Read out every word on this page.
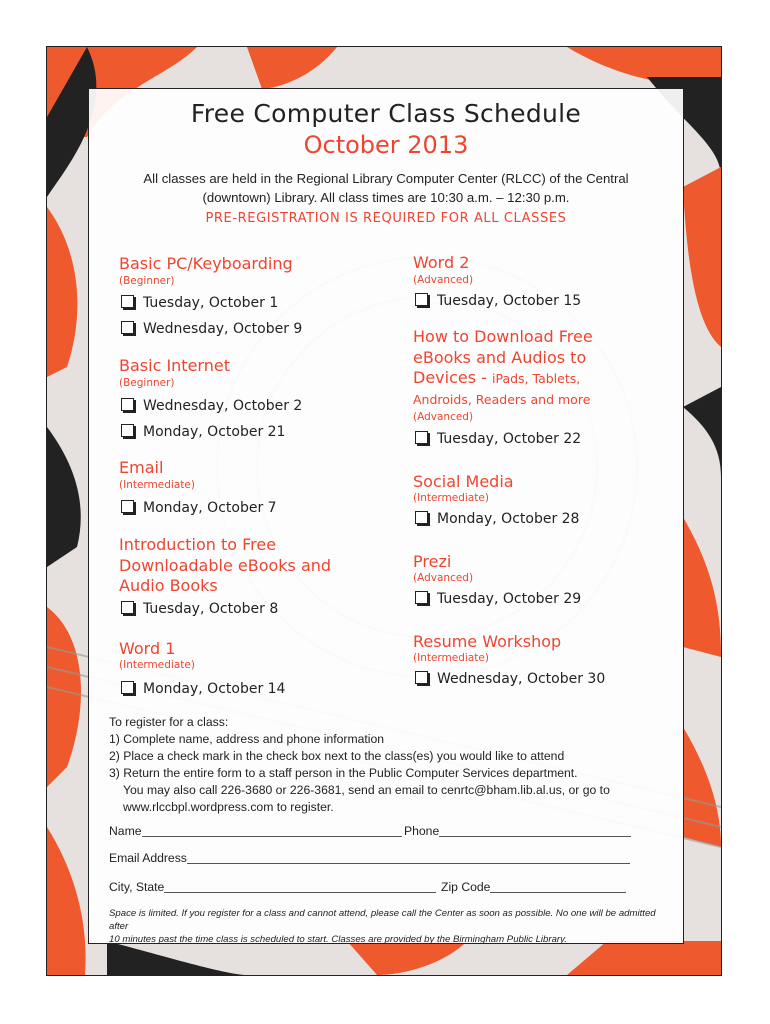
Free Computer Class Schedule
October 2013
All classes are held in the Regional Library Computer Center (RLCC) of the Central
(downtown) Library. All class times are 10:30 a.m. – 12:30 p.m.
PRE-REGISTRATION IS REQUIRED FOR ALL CLASSES
Basic PC/Keyboarding
(Beginner)
Tuesday, October 1
Wednesday, October 9
Basic Internet
(Beginner)
Wednesday, October 2
Monday, October 21
Email
(Intermediate)
Monday, October 7
Introduction to Free
Downloadable eBooks and
Audio Books
Tuesday, October 8
Word 1
(Intermediate)
Monday, October 14
Word 2
(Advanced)
Tuesday, October 15
How to Download Free
eBooks and Audios to
Devices - iPads, Tablets,
Androids, Readers and more
(Advanced)
Tuesday, October 22
Social Media
(Intermediate)
Monday, October 28
Prezi
(Advanced)
Tuesday, October 29
Resume Workshop
(Intermediate)
Wednesday, October 30
To register for a class:
1) Complete name, address and phone information
2) Place a check mark in the check box next to the class(es) you would like to attend
3) Return the entire form to a staff person in the Public Computer Services department.
You may also call 226-3680 or 226-3681, send an email to cenrtc@bham.lib.al.us, or go to
www.rlccbpl.wordpress.com to register.
Name	Phone
Email Address
City, State	Zip Code
Space is limited. If you register for a class and cannot attend, please call the Center as soon as possible. No one will be admitted after
10 minutes past the time class is scheduled to start. Classes are provided by the Birmingham Public Library.
